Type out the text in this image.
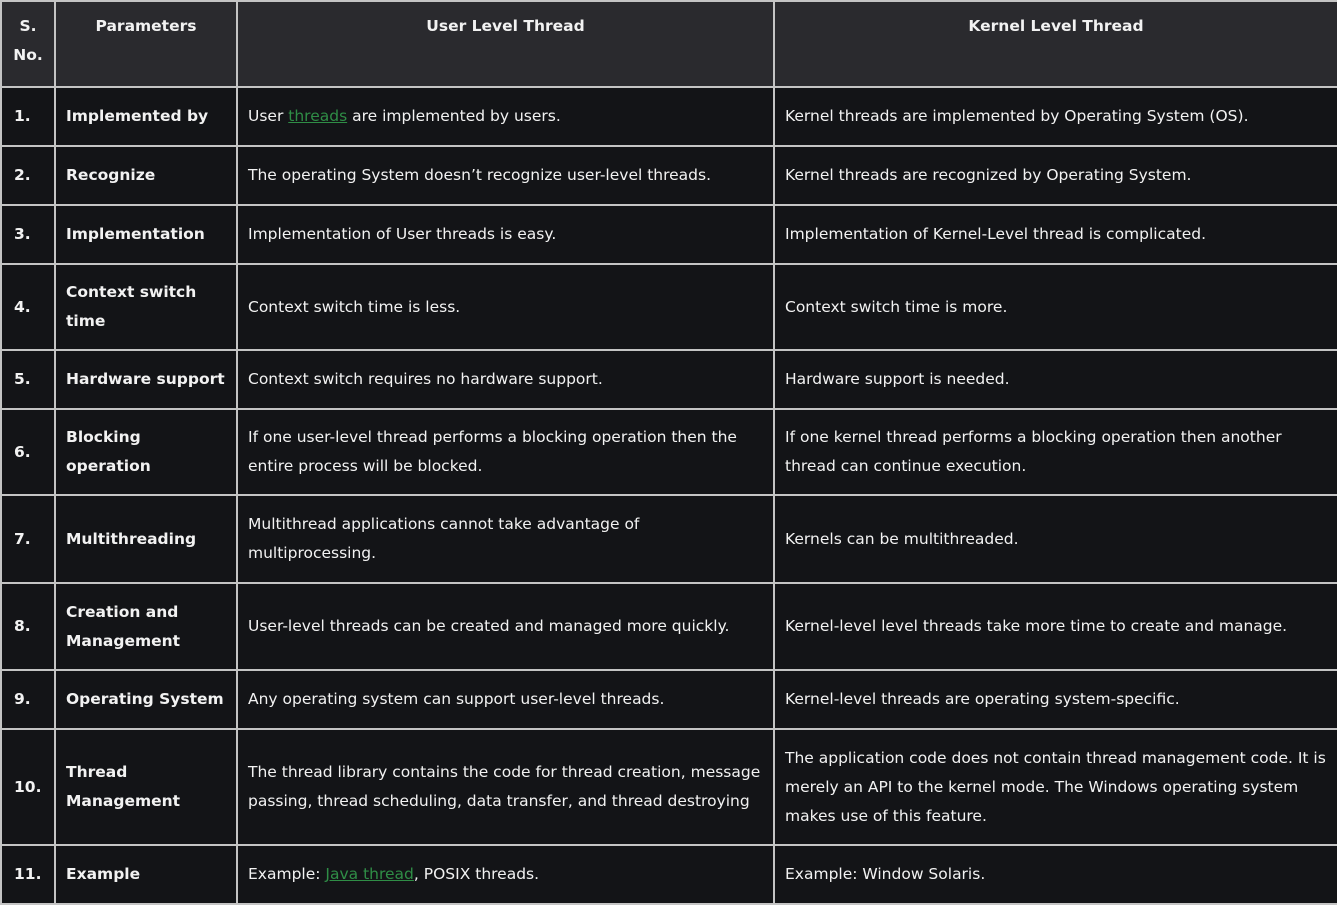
S. No.	Parameters	User Level Thread	Kernel Level Thread
1.	Implemented by	User threads are implemented by users.	Kernel threads are implemented by Operating System (OS).
2.	Recognize	The operating System doesn’t recognize user-level threads.	Kernel threads are recognized by Operating System.
3.	Implementation	Implementation of User threads is easy.	Implementation of Kernel-Level thread is complicated.
4.	Context switch time	Context switch time is less.	Context switch time is more.
5.	Hardware support	Context switch requires no hardware support.	Hardware support is needed.
6.	Blocking operation	If one user-level thread performs a blocking operation then the entire process will be blocked.	If one kernel thread performs a blocking operation then another thread can continue execution.
7.	Multithreading	Multithread applications cannot take advantage of multiprocessing.	Kernels can be multithreaded.
8.	Creation and Management	User-level threads can be created and managed more quickly.	Kernel-level level threads take more time to create and manage.
9.	Operating System	Any operating system can support user-level threads.	Kernel-level threads are operating system-specific.
10.	Thread Management	The thread library contains the code for thread creation, message passing, thread scheduling, data transfer, and thread destroying	The application code does not contain thread management code. It is merely an API to the kernel mode. The Windows operating system makes use of this feature.
11.	Example	Example: Java thread, POSIX threads.	Example: Window Solaris.
